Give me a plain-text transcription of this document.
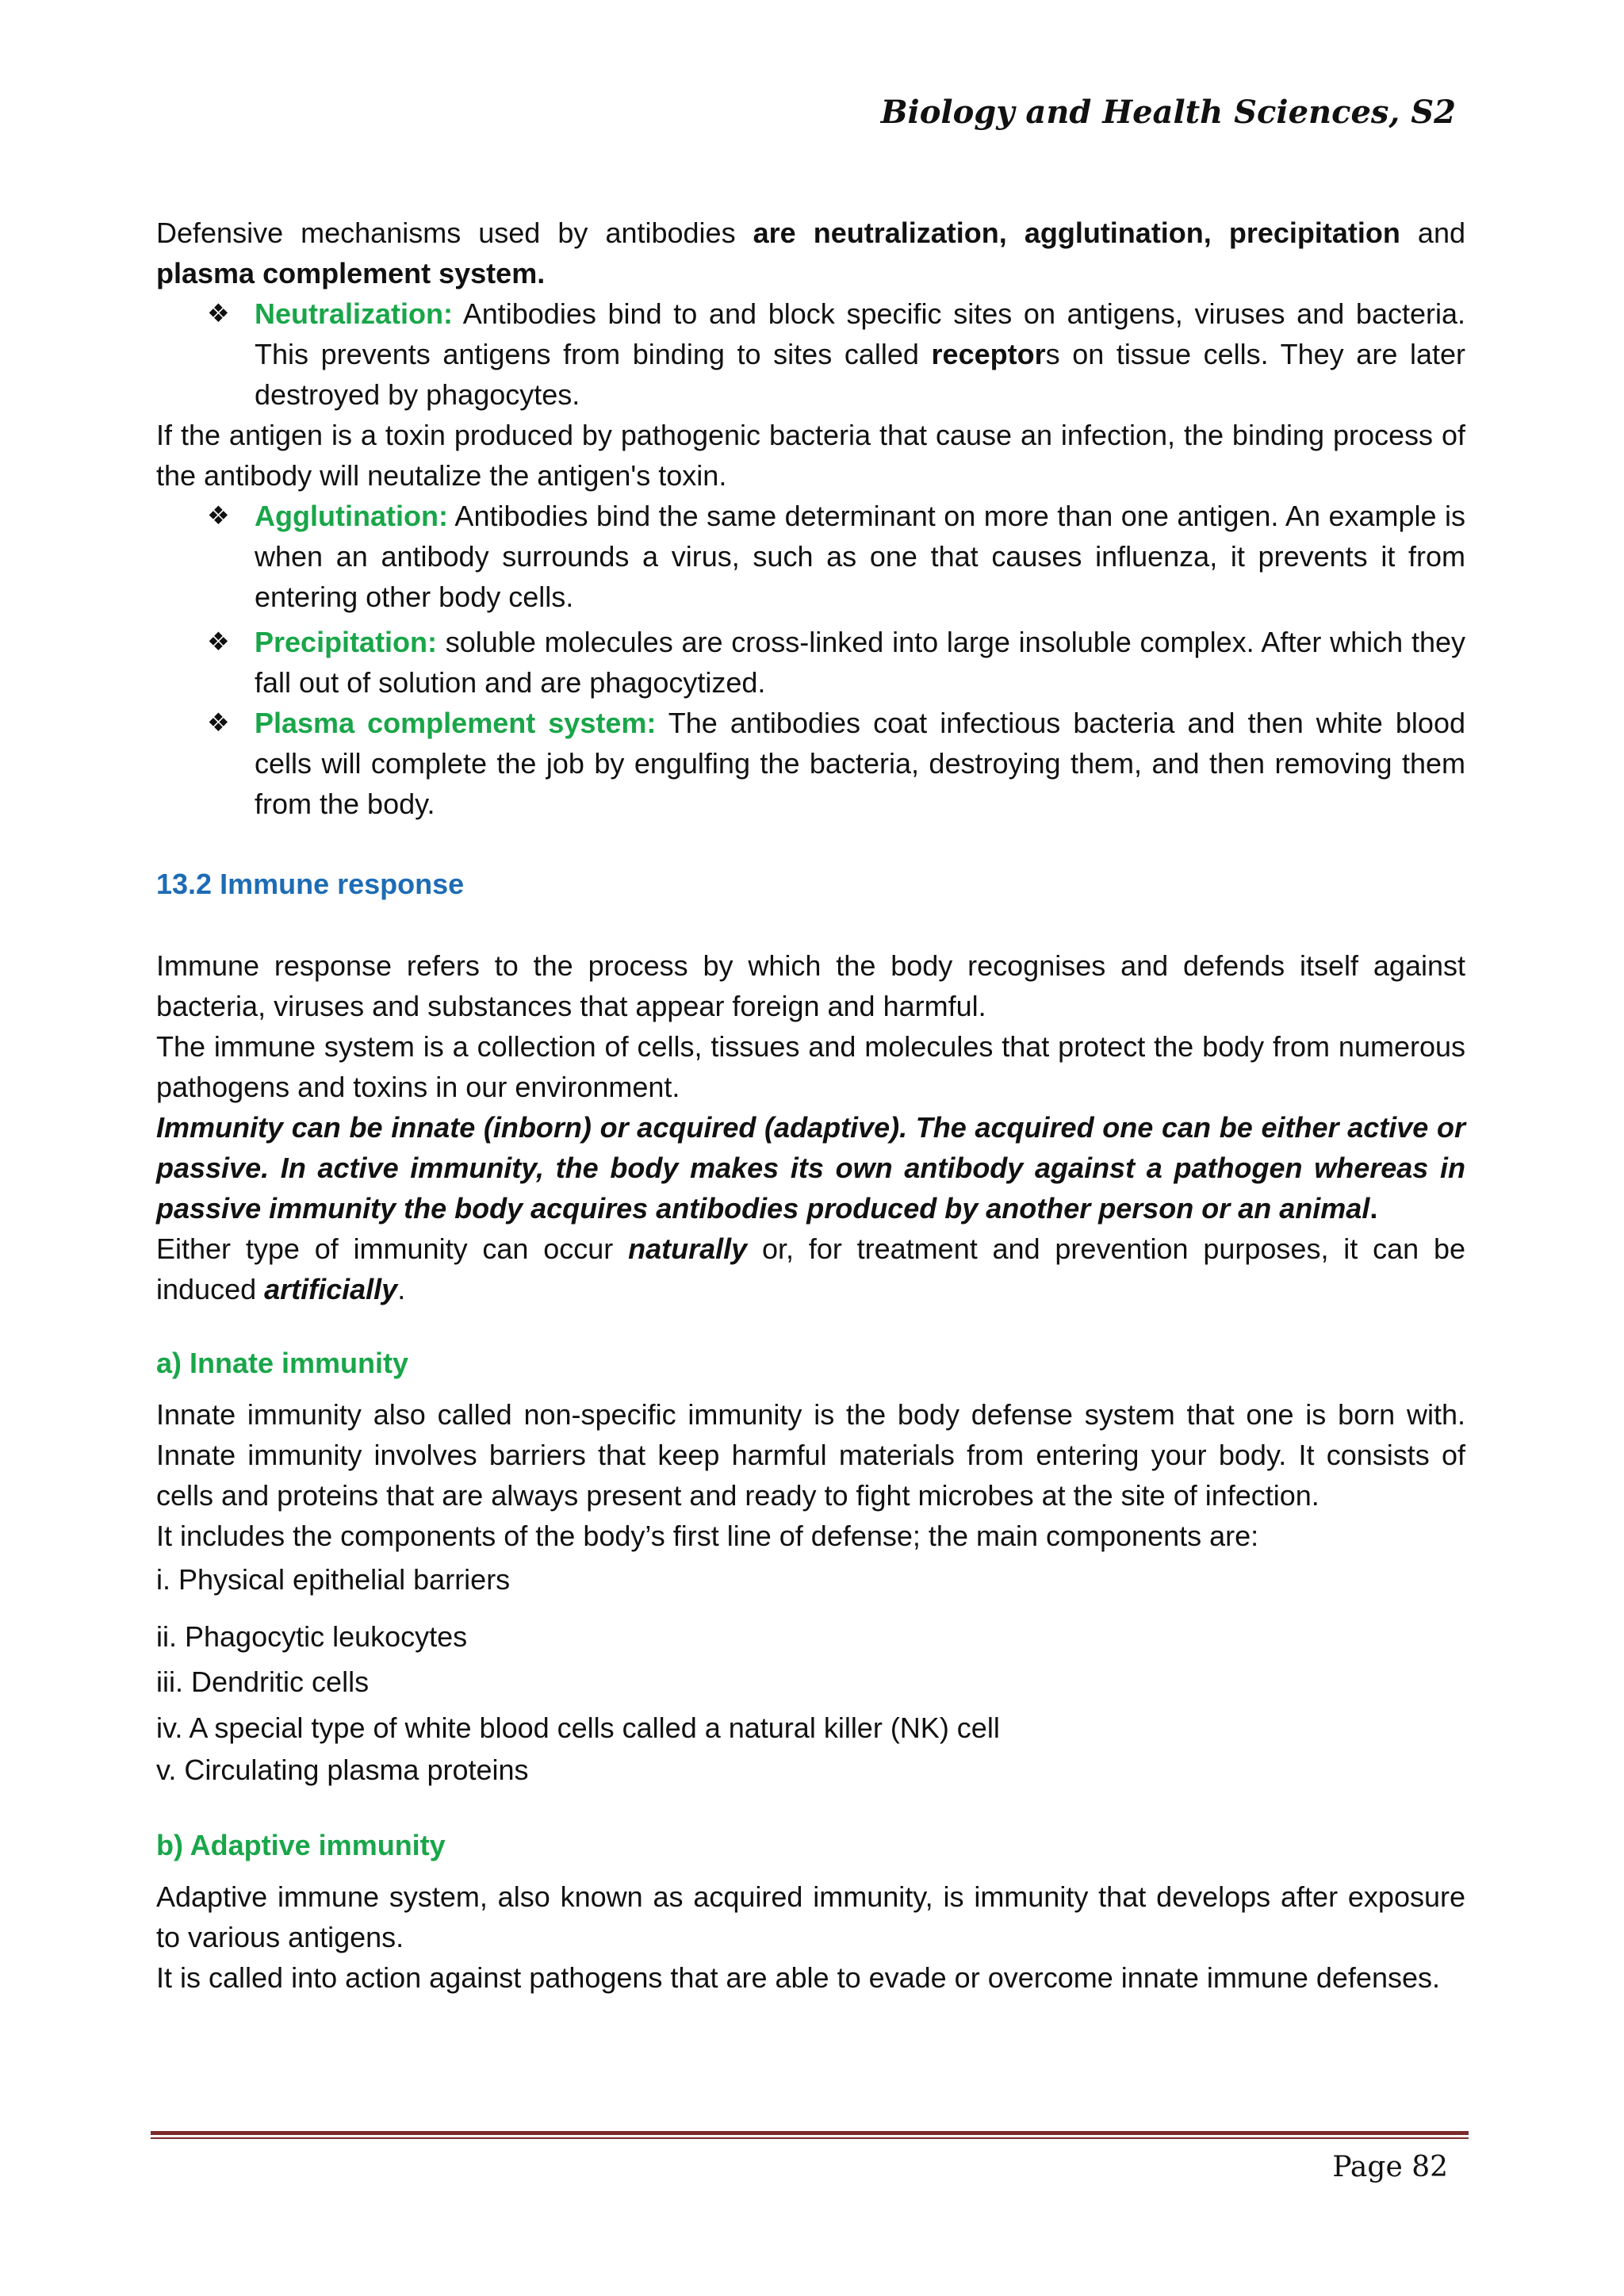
Biology and Health Sciences, S2

Defensive mechanisms used by antibodies are neutralization, agglutination, precipitation and plasma complement system.

❖ Neutralization: Antibodies bind to and block specific sites on antigens, viruses and bacteria. This prevents antigens from binding to sites called receptors on tissue cells. They are later destroyed by phagocytes.

If the antigen is a toxin produced by pathogenic bacteria that cause an infection, the binding process of the antibody will neutalize the antigen's toxin.

❖ Agglutination: Antibodies bind the same determinant on more than one antigen. An example is when an antibody surrounds a virus, such as one that causes influenza, it prevents it from entering other body cells.
❖ Precipitation: soluble molecules are cross-linked into large insoluble complex. After which they fall out of solution and are phagocytized.
❖ Plasma complement system: The antibodies coat infectious bacteria and then white blood cells will complete the job by engulfing the bacteria, destroying them, and then removing them from the body.

13.2 Immune response

Immune response refers to the process by which the body recognises and defends itself against bacteria, viruses and substances that appear foreign and harmful.

The immune system is a collection of cells, tissues and molecules that protect the body from numerous pathogens and toxins in our environment.

Immunity can be innate (inborn) or acquired (adaptive). The acquired one can be either active or passive. In active immunity, the body makes its own antibody against a pathogen whereas in passive immunity the body acquires antibodies produced by another person or an animal.

Either type of immunity can occur naturally or, for treatment and prevention purposes, it can be induced artificially.

a) Innate immunity

Innate immunity also called non-specific immunity is the body defense system that one is born with. Innate immunity involves barriers that keep harmful materials from entering your body. It consists of cells and proteins that are always present and ready to fight microbes at the site of infection.

It includes the components of the body’s first line of defense; the main components are:

i. Physical epithelial barriers
ii. Phagocytic leukocytes
iii. Dendritic cells
iv. A special type of white blood cells called a natural killer (NK) cell
v. Circulating plasma proteins

b) Adaptive immunity

Adaptive immune system, also known as acquired immunity, is immunity that develops after exposure to various antigens.

It is called into action against pathogens that are able to evade or overcome innate immune defenses.

Page 82
